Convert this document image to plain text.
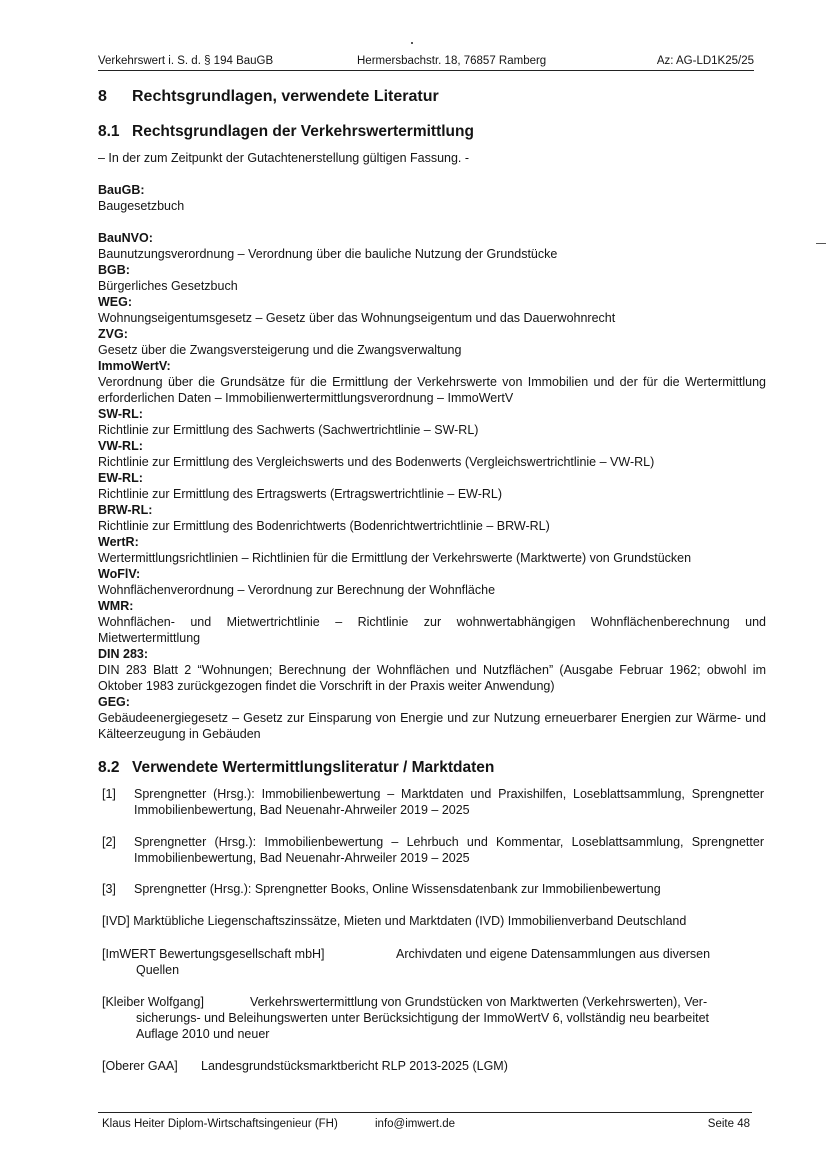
Verkehrswert i. S. d. § 194 BauGB	Hermersbachstr. 18, 76857 Ramberg	Az: AG-LD1K25/25
8 Rechtsgrundlagen, verwendete Literatur
8.1 Rechtsgrundlagen der Verkehrswertermittlung
– In der zum Zeitpunkt der Gutachtenerstellung gültigen Fassung. -
BauGB:
Baugesetzbuch
BauNVO:
Baunutzungsverordnung – Verordnung über die bauliche Nutzung der Grundstücke
BGB:
Bürgerliches Gesetzbuch
WEG:
Wohnungseigentumsgesetz – Gesetz über das Wohnungseigentum und das Dauerwohnrecht
ZVG:
Gesetz über die Zwangsversteigerung und die Zwangsverwaltung
ImmoWertV:
Verordnung über die Grundsätze für die Ermittlung der Verkehrswerte von Immobilien und der für die Wertermittlung erforderlichen Daten – Immobilienwertermittlungsverordnung – ImmoWertV
SW-RL:
Richtlinie zur Ermittlung des Sachwerts (Sachwertrichtlinie – SW-RL)
VW-RL:
Richtlinie zur Ermittlung des Vergleichswerts und des Bodenwerts (Vergleichswertrichtlinie – VW-RL)
EW-RL:
Richtlinie zur Ermittlung des Ertragswerts (Ertragswertrichtlinie – EW-RL)
BRW-RL:
Richtlinie zur Ermittlung des Bodenrichtwerts (Bodenrichtwertrichtlinie – BRW-RL)
WertR:
Wertermittlungsrichtlinien – Richtlinien für die Ermittlung der Verkehrswerte (Marktwerte) von Grundstücken
WoFlV:
Wohnflächenverordnung – Verordnung zur Berechnung der Wohnfläche
WMR:
Wohnflächen- und Mietwertrichtlinie – Richtlinie zur wohnwertabhängigen Wohnflächenberechnung und Mietwertermittlung
DIN 283:
DIN 283 Blatt 2 “Wohnungen; Berechnung der Wohnflächen und Nutzflächen” (Ausgabe Februar 1962; obwohl im Oktober 1983 zurückgezogen findet die Vorschrift in der Praxis weiter Anwendung)
GEG:
Gebäudeenergiegesetz – Gesetz zur Einsparung von Energie und zur Nutzung erneuerbarer Energien zur Wärme- und Kälteerzeugung in Gebäuden
8.2 Verwendete Wertermittlungsliteratur / Marktdaten
[1] Sprengnetter (Hrsg.): Immobilienbewertung – Marktdaten und Praxishilfen, Loseblattsammlung, Sprengnetter Immobilienbewertung, Bad Neuenahr-Ahrweiler 2019 – 2025
[2] Sprengnetter (Hrsg.): Immobilienbewertung – Lehrbuch und Kommentar, Loseblattsammlung, Sprengnetter Immobilienbewertung, Bad Neuenahr-Ahrweiler 2019 – 2025
[3] Sprengnetter (Hrsg.): Sprengnetter Books, Online Wissensdatenbank zur Immobilienbewertung
[IVD] Marktübliche Liegenschaftszinssätze, Mieten und Marktdaten (IVD) Immobilienverband Deutschland
[ImWERT Bewertungsgesellschaft mbH]	Archivdaten und eigene Datensammlungen aus diversen
Quellen
[Kleiber Wolfgang]	Verkehrswertermittlung von Grundstücken von Marktwerten (Verkehrswerten), Ver-
sicherungs- und Beleihungswerten unter Berücksichtigung der ImmoWertV 6, vollständig neu bearbeitet
Auflage 2010 und neuer
[Oberer GAA] Landesgrundstücksmarktbericht RLP 2013-2025 (LGM)
Klaus Heiter Diplom-Wirtschaftsingenieur (FH)	info@imwert.de	Seite 48
